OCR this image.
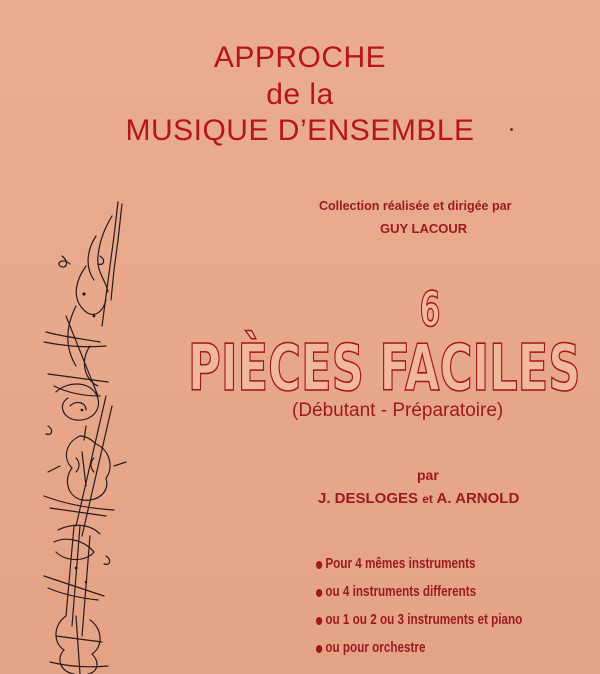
APPROCHE
de la
MUSIQUE D’ENSEMBLE
Collection réalisée et dirigée par
GUY LACOUR
6
PIÈCES FACILES
(Débutant - Préparatoire)
par
J. DESLOGES et A. ARNOLD
Pour 4 mêmes instruments
ou 4 instruments differents
ou 1 ou 2 ou 3 instruments et piano
ou pour orchestre
